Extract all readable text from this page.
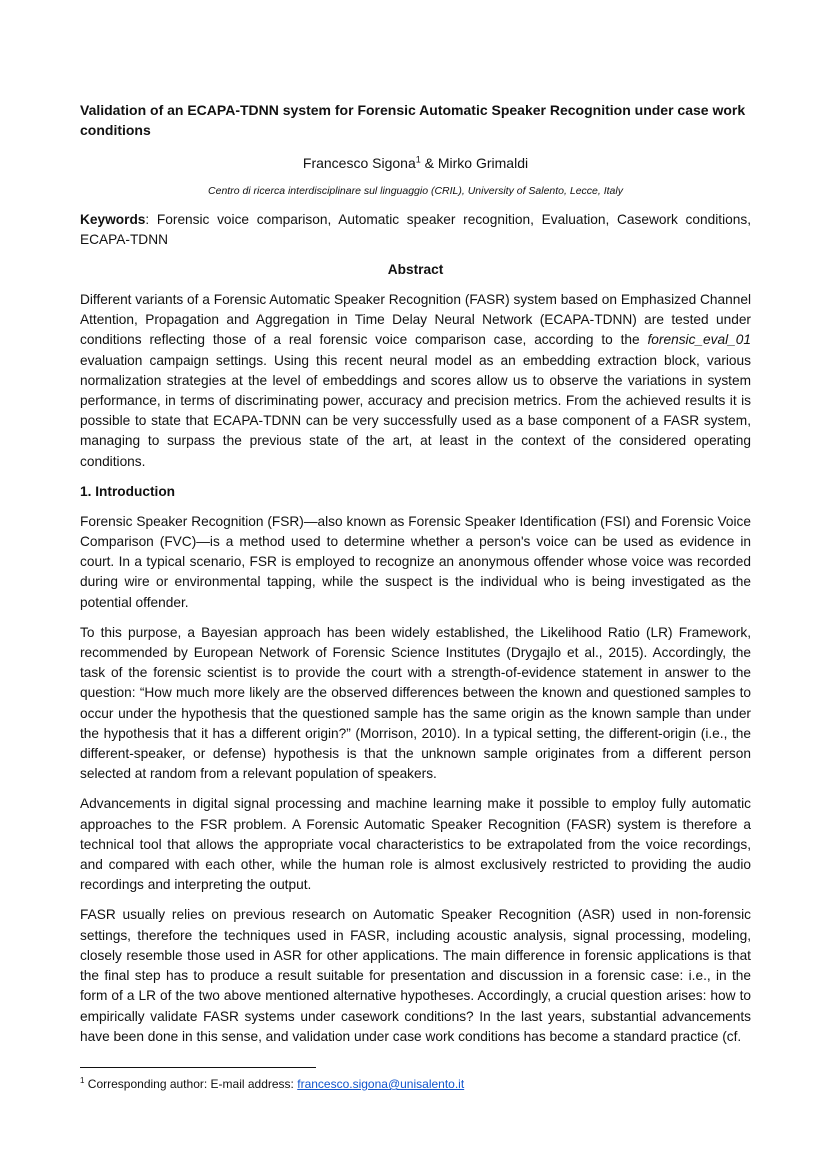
Validation of an ECAPA-TDNN system for Forensic Automatic Speaker Recognition under case work conditions
Francesco Sigona$^1$ & Mirko Grimaldi
Centro di ricerca interdisciplinare sul linguaggio (CRIL), University of Salento, Lecce, Italy
Keywords: Forensic voice comparison, Automatic speaker recognition, Evaluation, Casework conditions, ECAPA-TDNN
Abstract

Different variants of a Forensic Automatic Speaker Recognition (FASR) system based on Emphasized Channel Attention, Propagation and Aggregation in Time Delay Neural Network (ECAPA-TDNN) are tested under conditions reflecting those of a real forensic voice comparison case, according to the forensic_eval_01 evaluation campaign settings. Using this recent neural model as an embedding extraction block, various normalization strategies at the level of embeddings and scores allow us to observe the variations in system performance, in terms of discriminating power, accuracy and precision metrics. From the achieved results it is possible to state that ECAPA-TDNN can be very successfully used as a base component of a FASR system, managing to surpass the previous state of the art, at least in the context of the considered operating conditions.

1. Introduction

Forensic Speaker Recognition (FSR)—also known as Forensic Speaker Identification (FSI) and Forensic Voice Comparison (FVC)—is a method used to determine whether a person's voice can be used as evidence in court. In a typical scenario, FSR is employed to recognize an anonymous offender whose voice was recorded during wire or environmental tapping, while the suspect is the individual who is being investigated as the potential offender.

To this purpose, a Bayesian approach has been widely established, the Likelihood Ratio (LR) Framework, recommended by European Network of Forensic Science Institutes (Drygajlo et al., 2015). Accordingly, the task of the forensic scientist is to provide the court with a strength-of-evidence statement in answer to the question: “How much more likely are the observed differences between the known and questioned samples to occur under the hypothesis that the questioned sample has the same origin as the known sample than under the hypothesis that it has a different origin?” (Morrison, 2010). In a typical setting, the different-origin (i.e., the different-speaker, or defense) hypothesis is that the unknown sample originates from a different person selected at random from a relevant population of speakers.

Advancements in digital signal processing and machine learning make it possible to employ fully automatic approaches to the FSR problem. A Forensic Automatic Speaker Recognition (FASR) system is therefore a technical tool that allows the appropriate vocal characteristics to be extrapolated from the voice recordings, and compared with each other, while the human role is almost exclusively restricted to providing the audio recordings and interpreting the output.

FASR usually relies on previous research on Automatic Speaker Recognition (ASR) used in non-forensic settings, therefore the techniques used in FASR, including acoustic analysis, signal processing, modeling, closely resemble those used in ASR for other applications. The main difference in forensic applications is that the final step has to produce a result suitable for presentation and discussion in a forensic case: i.e., in the form of a LR of the two above mentioned alternative hypotheses. Accordingly, a crucial question arises: how to empirically validate FASR systems under casework conditions? In the last years, substantial advancements have been done in this sense, and validation under case work conditions has become a standard practice (cf.

$^1$ Corresponding author: E-mail address: francesco.sigona@unisalento.it
